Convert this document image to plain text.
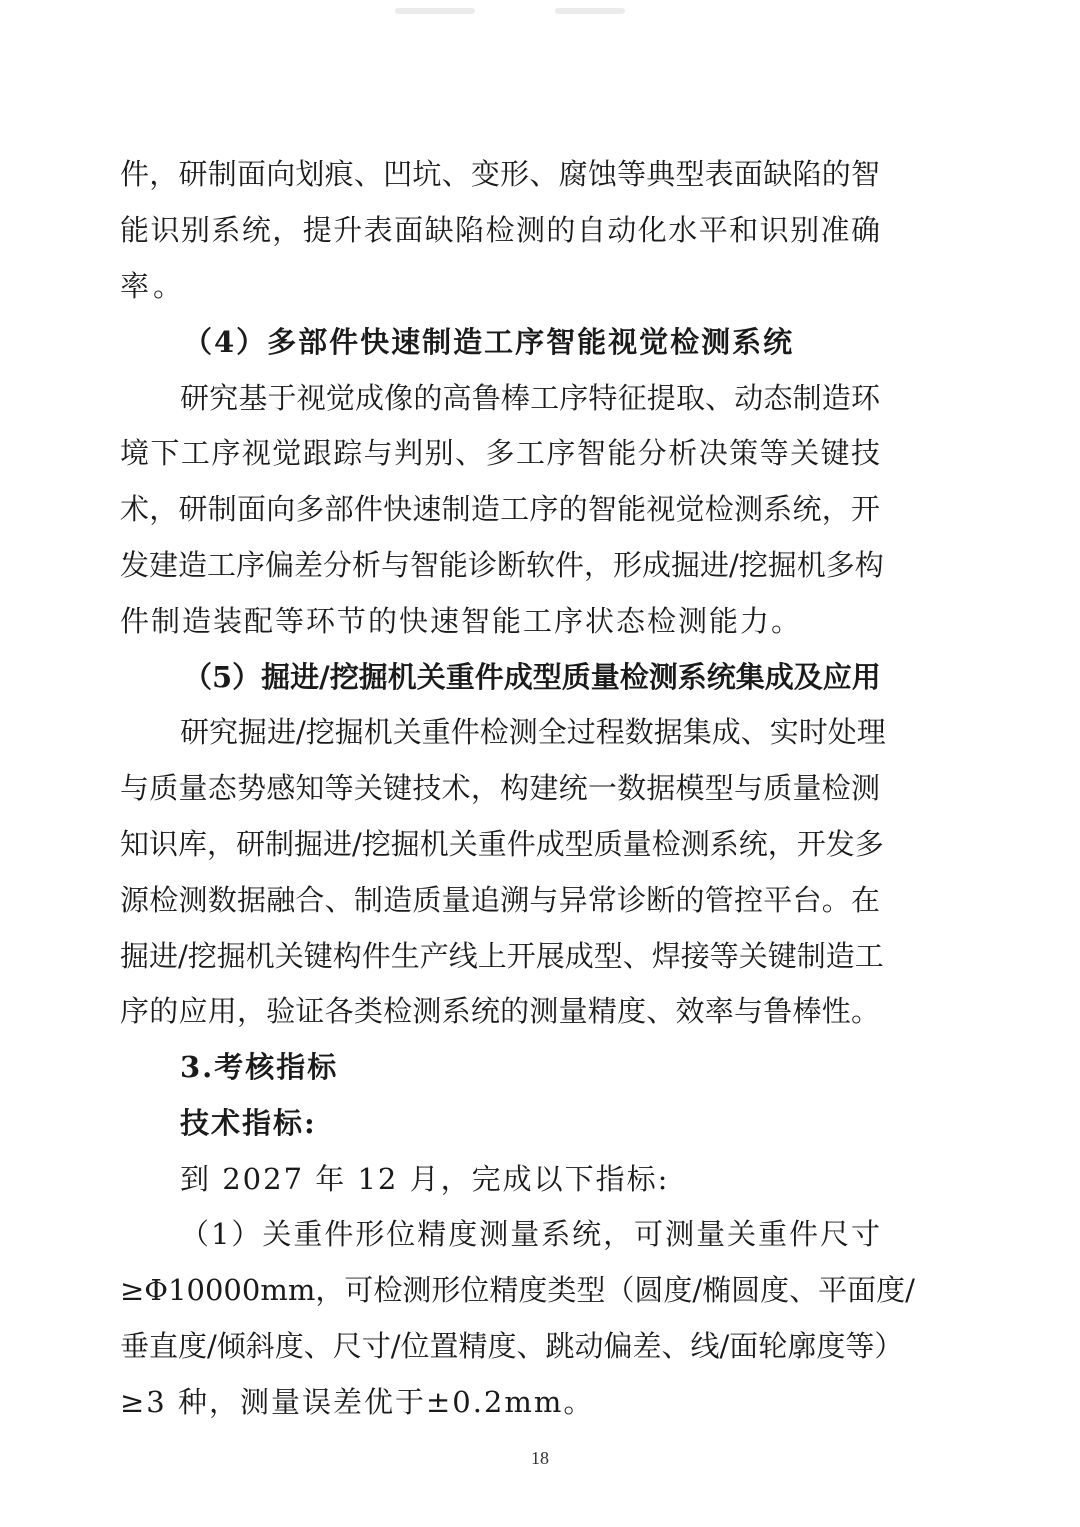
件，研制面向划痕、凹坑、变形、腐蚀等典型表面缺陷的智
能识别系统，提升表面缺陷检测的自动化水平和识别准确
率。
（4）多部件快速制造工序智能视觉检测系统
研究基于视觉成像的高鲁棒工序特征提取、动态制造环
境下工序视觉跟踪与判别、多工序智能分析决策等关键技
术，研制面向多部件快速制造工序的智能视觉检测系统，开
发建造工序偏差分析与智能诊断软件，形成掘进/挖掘机多构
件制造装配等环节的快速智能工序状态检测能力。
（5）掘进/挖掘机关重件成型质量检测系统集成及应用
研究掘进/挖掘机关重件检测全过程数据集成、实时处理
与质量态势感知等关键技术，构建统一数据模型与质量检测
知识库，研制掘进/挖掘机关重件成型质量检测系统，开发多
源检测数据融合、制造质量追溯与异常诊断的管控平台。在
掘进/挖掘机关键构件生产线上开展成型、焊接等关键制造工
序的应用，验证各类检测系统的测量精度、效率与鲁棒性。
3.考核指标
技术指标:
到 2027 年 12 月，完成以下指标:
（1）关重件形位精度测量系统，可测量关重件尺寸
≥Φ10000mm，可检测形位精度类型（圆度/椭圆度、平面度/
垂直度/倾斜度、尺寸/位置精度、跳动偏差、线/面轮廓度等）
≥3 种，测量误差优于±0.2mm。
18
